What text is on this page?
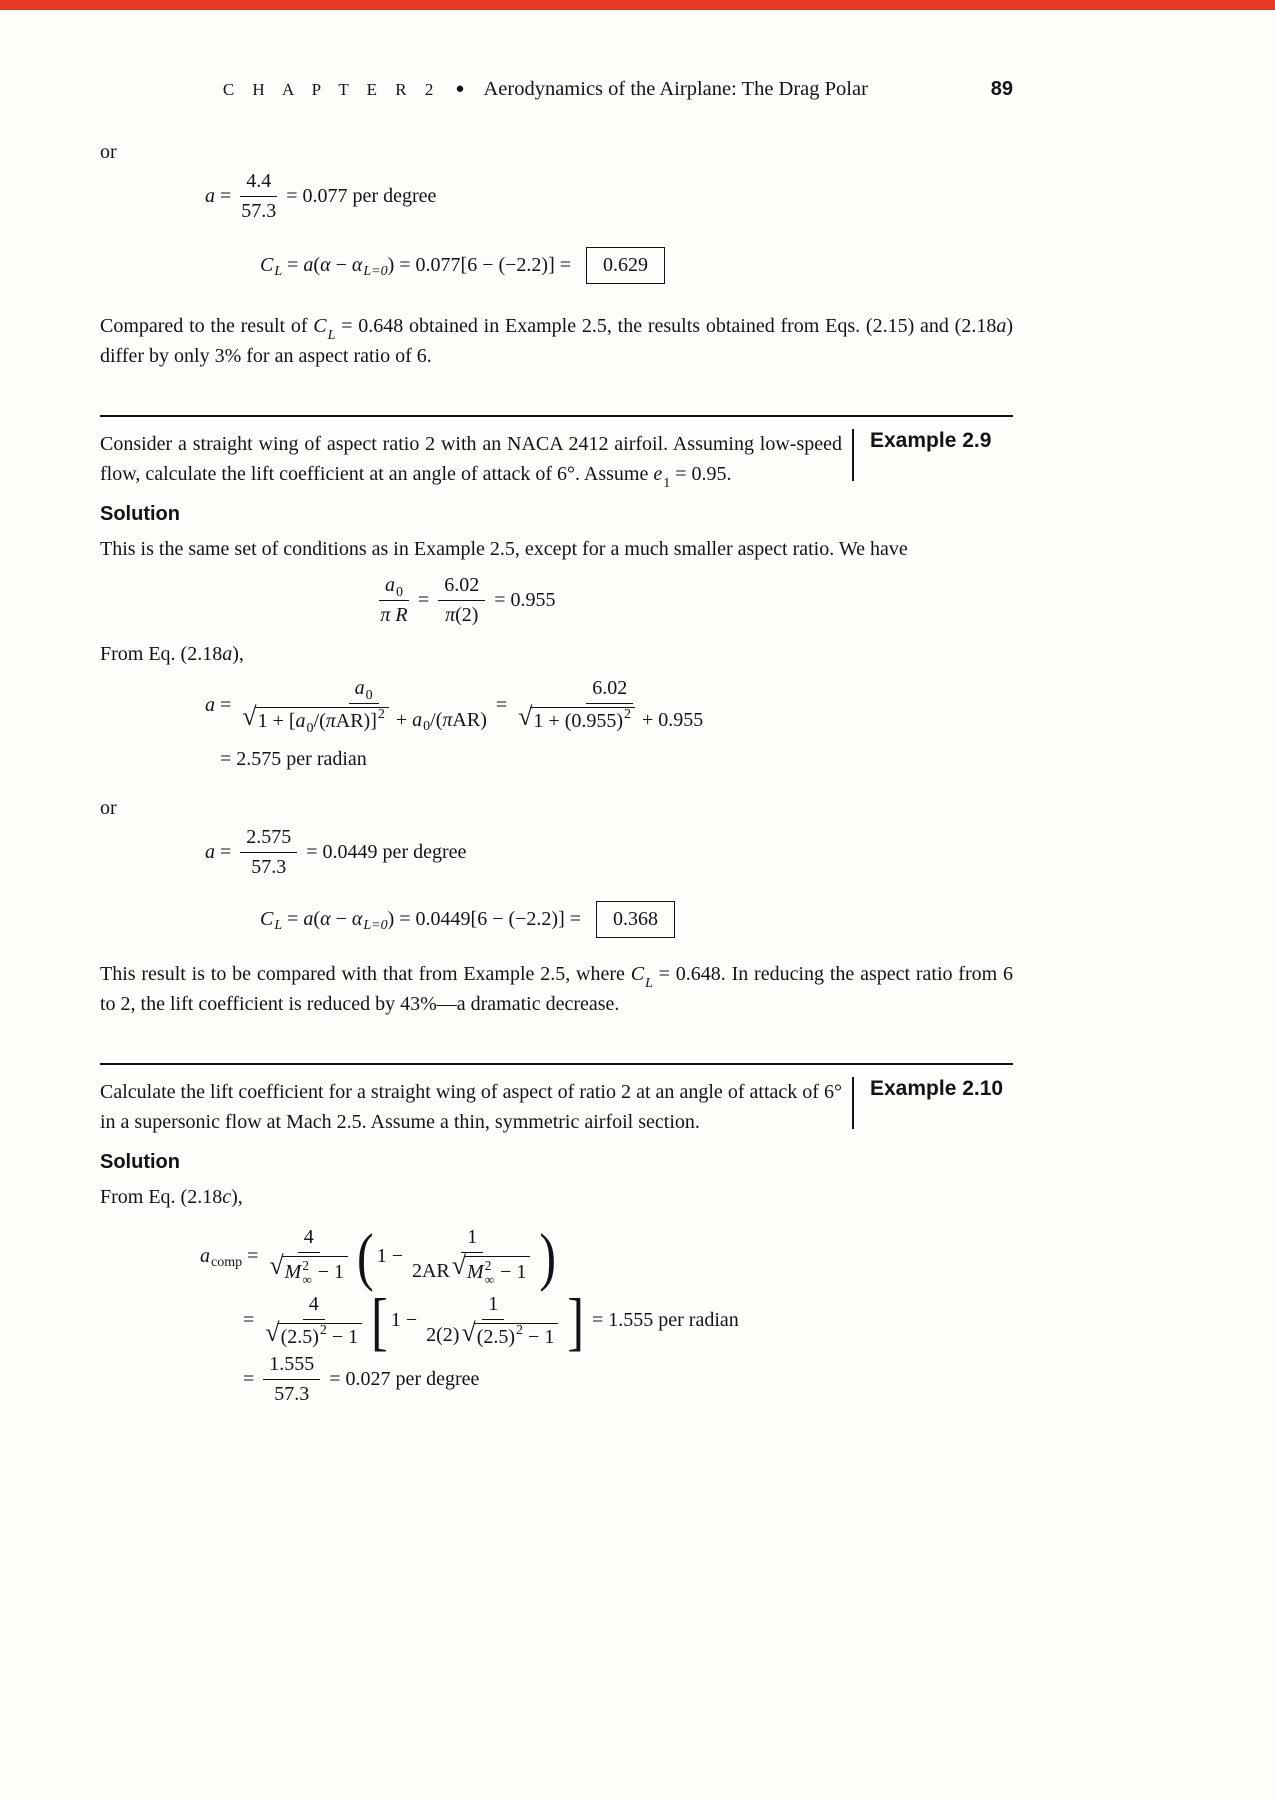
C H A P T E R 2 ● Aerodynamics of the Airplane: The Drag Polar	89
or
$a = \frac{4.4}{57.3} = 0.077$ per degree
C L = a ( α − α L=0 ) = 0.077[6 − (−2.2)] = 0.629

Compared to the result of $C_L = 0.648$ obtained in Example 2.5, the results obtained from Eqs. (2.15) and (2.18a) differ by only 3% for an aspect ratio of 6.

Consider a straight wing of aspect ratio 2 with an NACA 2412 airfoil. Assuming low-speed flow, calculate the lift coefficient at an angle of attack of 6°. Assume $e_1 = 0.95$.
Example 2.9
Solution

This is the same set of conditions as in Example 2.5, except for a much smaller aspect ratio. We have

a 0
π
$R = \frac{6.02}{\pi (2)} = 0.955$

From Eq. (2.18a),

$a = \frac{a 0}{\text{√ 1 + [ a 0 /( π AR)] 2 + a 0 /( π AR)}} = \frac{6.02}{√ 1 + (0.955) 2 + 0.955}$
= 2.575 per radian
or
$a = \frac{2.575}{57.3} = 0.0449$ per degree
C L = a ( α − α L=0 ) = 0.0449[6 − (−2.2)] = 0.368

This result is to be compared with that from Example 2.5, where $C_L = 0.648$. In reducing the aspect ratio from 6 to 2, the lift coefficient is reduced by 43%—a dramatic decrease.

Calculate the lift coefficient for a straight wing of aspect of ratio 2 at an angle of attack of 6° in a supersonic flow at Mach 2.5. Assume a thin, symmetric airfoil section.
Example 2.10
Solution

From Eq. (2.18c),

a comp = 4
√ M 2
∞ − 1 ( 1 − 1
2AR √ M 2
∞ − 1 )
= $\frac{4}{√ (2.5) 2 - 1}$ [ $1 - \frac{1}{2(2) √ (2.5) 2 - 1}$ ] = 1.555 per radian
= $\frac{1.555}{57.3} = 0.027$ per degree
